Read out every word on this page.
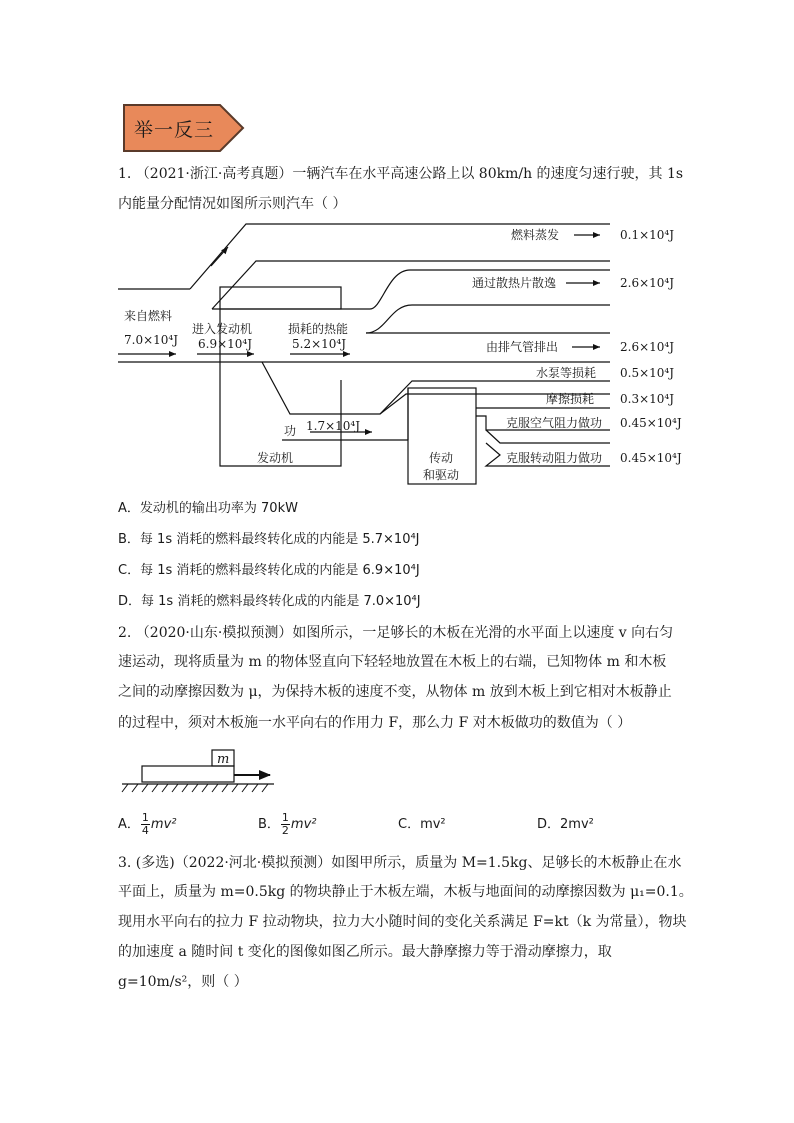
举一反三
1. （2021·浙江·高考真题）一辆汽车在水平高速公路上以 80km/h 的速度匀速行驶，其 1s
内能量分配情况如图所示则汽车（ ）
来自燃料
7.0×10⁴J
进入发动机
6.9×10⁴J
损耗的热能
5.2×10⁴J
功 1.7×10⁴J
发动机	传动
和驱动
燃料蒸发	0.1×10⁴J
通过散热片散逸	2.6×10⁴J
由排气管排出	2.6×10⁴J
水泵等损耗 0.5×10⁴J
摩擦损耗 0.3×10⁴J
克服空气阻力做功 0.45×10⁴J
克服转动阻力做功 0.45×10⁴J
A．发动机的输出功率为 70kW
B．每 1s 消耗的燃料最终转化成的内能是 5.7×10⁴J
C．每 1s 消耗的燃料最终转化成的内能是 6.9×10⁴J
D．每 1s 消耗的燃料最终转化成的内能是 7.0×10⁴J
2. （2020·山东·模拟预测）如图所示，一足够长的木板在光滑的水平面上以速度 v 向右匀
速运动，现将质量为 m 的物体竖直向下轻轻地放置在木板上的右端，已知物体 m 和木板
之间的动摩擦因数为 μ，为保持木板的速度不变，从物体 m 放到木板上到它相对木板静止
的过程中，须对木板施一水平向右的作用力 F，那么力 F 对木板做功的数值为（ ）
m
A． $\frac{1}{4} mv^2$	B． $\frac{1}{2} mv^2$	C．mv²	D．2mv²
3. (多选)（2022·河北·模拟预测）如图甲所示，质量为 M=1.5kg、足够长的木板静止在水
平面上，质量为 m=0.5kg 的物块静止于木板左端，木板与地面间的动摩擦因数为 μ₁=0.1。
现用水平向右的拉力 F 拉动物块，拉力大小随时间的变化关系满足 F=kt（k 为常量），物块
的加速度 a 随时间 t 变化的图像如图乙所示。最大静摩擦力等于滑动摩擦力，取
g=10m/s²，则（ ）
